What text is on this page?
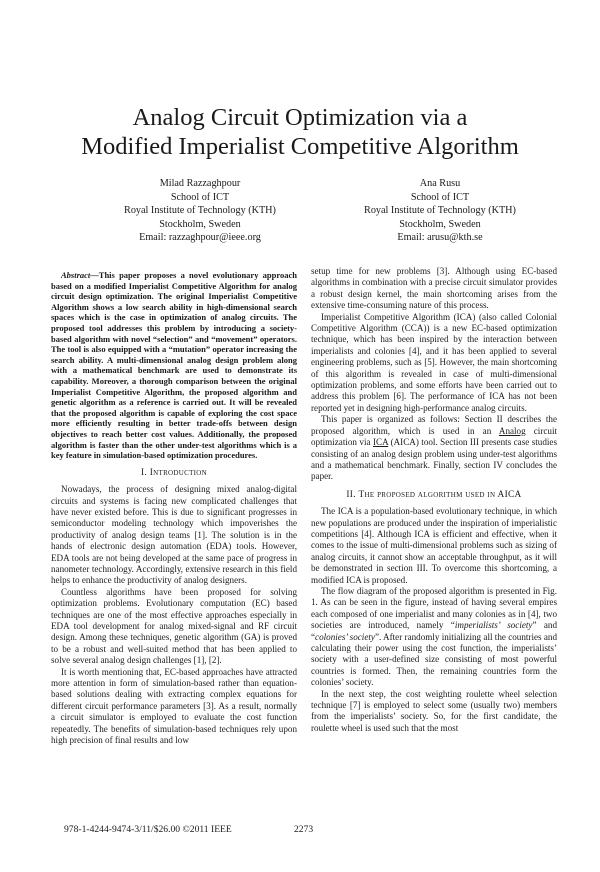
Analog Circuit Optimization via a
Modified Imperialist Competitive Algorithm
Milad Razzaghpour
School of ICT
Royal Institute of Technology (KTH)
Stockholm, Sweden
Email: razzaghpour@ieee.org
Ana Rusu
School of ICT
Royal Institute of Technology (KTH)
Stockholm, Sweden
Email: arusu@kth.se

Abstract—This paper proposes a novel evolutionary approach based on a modified Imperialist Competitive Algorithm for analog circuit design optimization. The original Imperialist Competitive Algorithm shows a low search ability in high-dimensional search spaces which is the case in optimization of analog circuits. The proposed tool addresses this problem by introducing a society-based algorithm with novel “selection” and “movement” operators. The tool is also equipped with a “mutation” operator increasing the search ability. A multi-dimensional analog design problem along with a mathematical benchmark are used to demonstrate its capability. Moreover, a thorough comparison between the original Imperialist Competitive Algorithm, the proposed algorithm and genetic algorithm as a reference is carried out. It will be revealed that the proposed algorithm is capable of exploring the cost space more efficiently resulting in better trade-offs between design objectives to reach better cost values. Additionally, the proposed algorithm is faster than the other under-test algorithms which is a key feature in simulation-based optimization procedures.

I. Introduction

Nowadays, the process of designing mixed analog-digital circuits and systems is facing new complicated challenges that have never existed before. This is due to significant progresses in semiconductor modeling technology which impoverishes the productivity of analog design teams [1]. The solution is in the hands of electronic design automation (EDA) tools. However, EDA tools are not being developed at the same pace of progress in nanometer technology. Accordingly, extensive research in this field helps to enhance the productivity of analog designers.

Countless algorithms have been proposed for solving optimization problems. Evolutionary computation (EC) based techniques are one of the most effective approaches especially in EDA tool development for analog mixed-signal and RF circuit design. Among these techniques, genetic algorithm (GA) is proved to be a robust and well-suited method that has been applied to solve several analog design challenges [1], [2].

It is worth mentioning that, EC-based approaches have attracted more attention in form of simulation-based rather than equation-based solutions dealing with extracting complex equations for different circuit performance parameters [3]. As a result, normally a circuit simulator is employed to evaluate the cost function repeatedly. The benefits of simulation-based techniques rely upon high precision of final results and low

setup time for new problems [3]. Although using EC-based algorithms in combination with a precise circuit simulator provides a robust design kernel, the main shortcoming arises from the extensive time-consuming nature of this process.

Imperialist Competitive Algorithm (ICA) (also called Colonial Competitive Algorithm (CCA)) is a new EC-based optimization technique, which has been inspired by the interaction between imperialists and colonies [4], and it has been applied to several engineering problems, such as [5]. However, the main shortcoming of this algorithm is revealed in case of multi-dimensional optimization problems, and some efforts have been carried out to address this problem [6]. The performance of ICA has not been reported yet in designing high-performance analog circuits.

This paper is organized as follows: Section II describes the proposed algorithm, which is used in an Analog circuit optimization via ICA (AICA) tool. Section III presents case studies consisting of an analog design problem using under-test algorithms and a mathematical benchmark. Finally, section IV concludes the paper.

II. The proposed algorithm used in AICA

The ICA is a population-based evolutionary technique, in which new populations are produced under the inspiration of imperialistic competitions [4]. Although ICA is efficient and effective, when it comes to the issue of multi-dimensional problems such as sizing of analog circuits, it cannot show an acceptable throughput, as it will be demonstrated in section III. To overcome this shortcoming, a modified ICA is proposed.

The flow diagram of the proposed algorithm is presented in Fig. 1. As can be seen in the figure, instead of having several empires each composed of one imperialist and many colonies as in [4], two societies are introduced, namely “imperialists’ society” and “colonies’ society”. After randomly initializing all the countries and calculating their power using the cost function, the imperialists’ society with a user-defined size consisting of most powerful countries is formed. Then, the remaining countries form the colonies’ society.

In the next step, the cost weighting roulette wheel selection technique [7] is employed to select some (usually two) members from the imperialists’ society. So, for the first candidate, the roulette wheel is used such that the most

978-1-4244-9474-3/11/$26.00 ©2011 IEEE	2273
